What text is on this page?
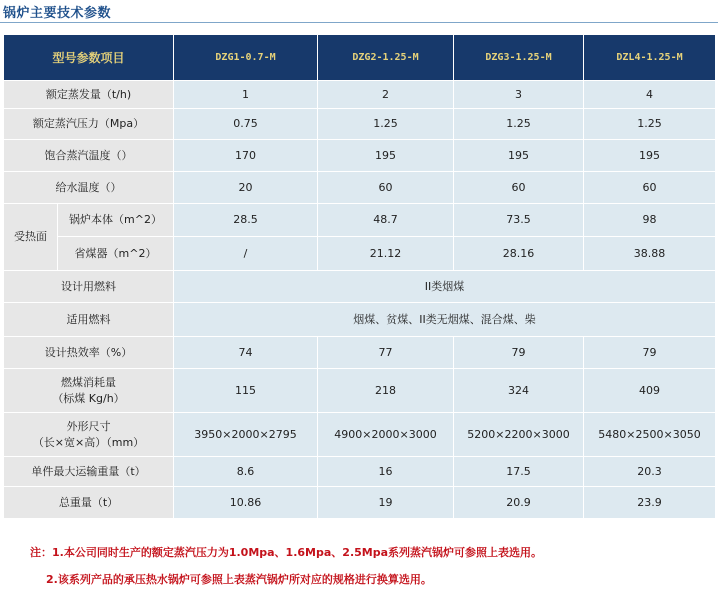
锅炉主要技术参数
型号参数项目		DZG1-0.7-M	DZG2-1.25-M	DZG3-1.25-M	DZL4-1.25-M
额定蒸发量（t/h)		1	2	3	4
额定蒸汽压力（Mpa）		0.75	1.25	1.25	1.25
饱合蒸汽温度（）		170	195	195	195
给水温度（）		20	60	60	60
受热面	锅炉本体（m^2）	28.5	48.7	73.5	98
	省煤器（m^2）	/	21.12	28.16	38.88
设计用燃料		II类烟煤			
适用燃料		烟煤、贫煤、II类无烟煤、混合煤、柴			
设计热效率（%）		74	77	79	79

燃煤消耗量
（标煤 Kg/h）		115	218	324	409

外形尺寸
（长×宽×高）（mm）		3950×2000×2795	4900×2000×3000	5200×2200×3000	5480×2500×3050
单件最大运输重量（t）		8.6	16	17.5	20.3
总重量（t）		10.86	19	20.9	23.9
注：1.本公司同时生产的额定蒸汽压力为1.0Mpa、1.6Mpa、2.5Mpa系列蒸汽锅炉可参照上表选用。
2.该系列产品的承压热水锅炉可参照上表蒸汽锅炉所对应的规格进行换算选用。
